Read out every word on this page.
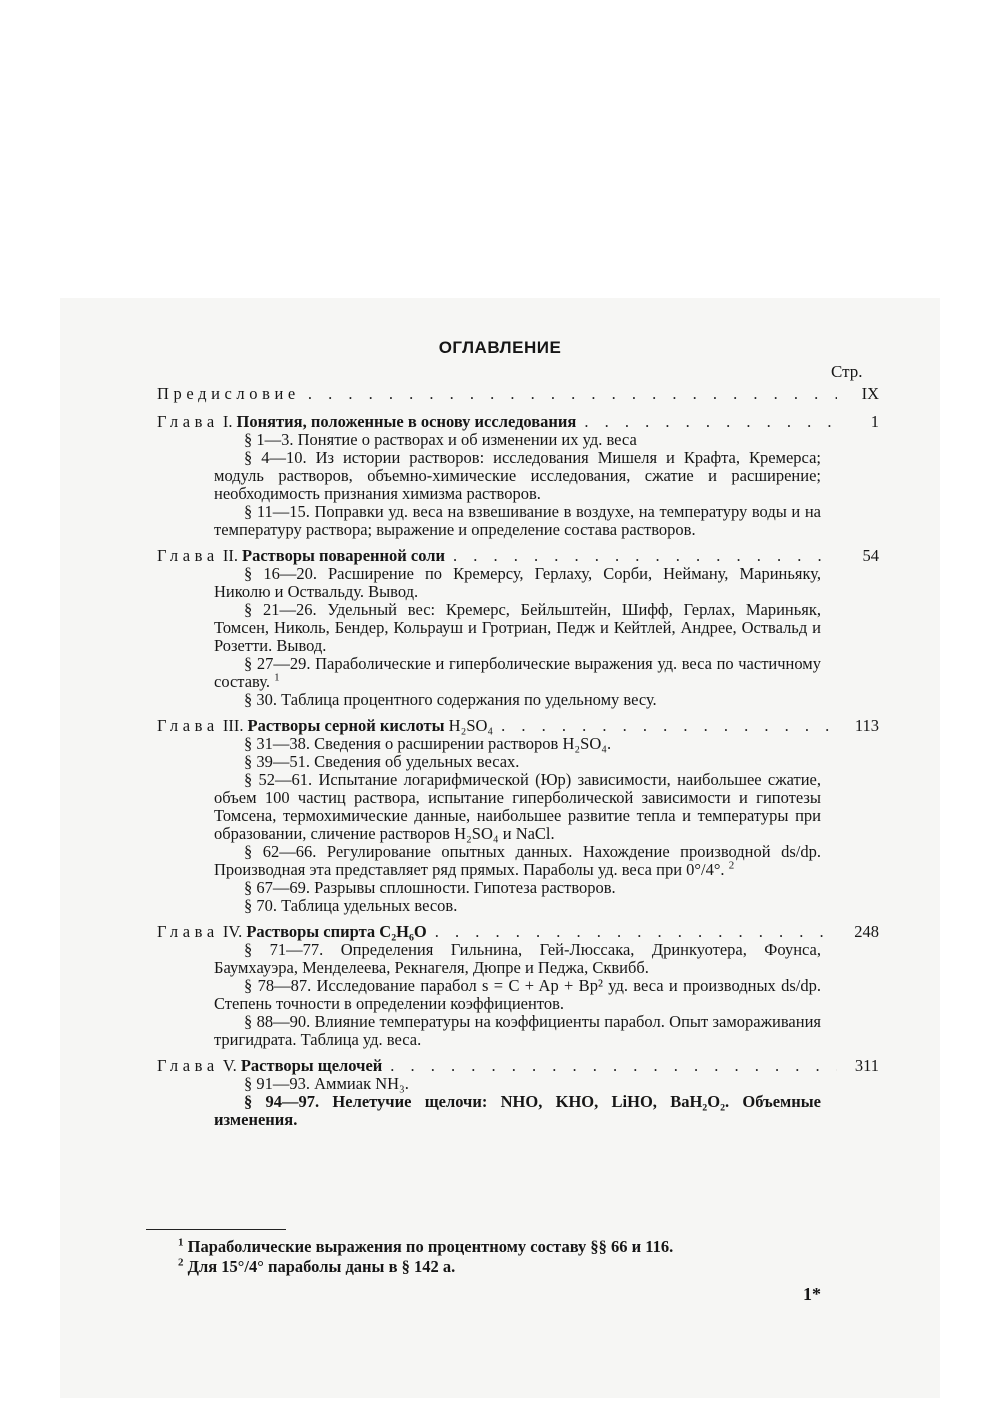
ОГЛАВЛЕНИЕ
Стр.
Предисловие . . .	IX
Глава I. Понятия, положенные в основу исследования . . .	1

§ 1—3. Понятие о растворах и об изменении их уд. веса

§ 4—10. Из истории растворов: исследования Мишеля и Крафта, Кремерса; модуль растворов, объемно-химические исследования, сжатие и расширение; необходимость признания химизма растворов.

§ 11—15. Поправки уд. веса на взвешивание в воздухе, на температуру воды и на температуру раствора; выражение и определение состава растворов.

Глава II. Растворы поваренной соли . . .	54

§ 16—20. Расширение по Кремерсу, Герлаху, Сорби, Нейману, Мариньяку, Николю и Оствальду. Вывод.

§ 21—26. Удельный вес: Кремерс, Бейльштейн, Шифф, Герлах, Мариньяк, Томсен, Николь, Бендер, Кольрауш и Гротриан, Педж и Кейтлей, Андрее, Оствальд и Розетти. Вывод.

§ 27—29. Параболические и гиперболические выражения уд. веса по частичному составу. $^1$

§ 30. Таблица процентного содержания по удельному весу.

Глава III. Растворы серной кислоты H₂SO₄ . . .	113

§ 31—38. Сведения о расширении растворов H₂SO₄.

§ 39—51. Сведения об удельных весах.

§ 52—61. Испытание логарифмической (Юр) зависимости, наибольшее сжатие, объем 100 частиц раствора, испытание гиперболической зависимости и гипотезы Томсена, термохимические данные, наибольшее развитие тепла и температуры при образовании, сличение растворов H₂SO₄ и NaCl.

§ 62—66. Регулирование опытных данных. Нахождение производной ds/dp. Производная эта представляет ряд прямых. Параболы уд. веса при 0°/4°. $^2$

§ 67—69. Разрывы сплошности. Гипотеза растворов.

§ 70. Таблица удельных весов.

Глава IV. Растворы спирта C₂H₆O . . .	248

§ 71—77. Определения Гильнина, Гей-Люссака, Дринкуотера, Фоунса, Баумхауэра, Менделеева, Рекнагеля, Дюпре и Педжа, Сквибб.

§ 78—87. Исследование парабол s = C + Ap + Bp² уд. веса и производных ds/dp. Степень точности в определении коэффициентов.

§ 88—90. Влияние температуры на коэффициенты парабол. Опыт замораживания тригидрата. Таблица уд. веса.

Глава V. Растворы щелочей . . .	311

§ 91—93. Аммиак NH₃.

§ 94—97. Нелетучие щелочи: NHO, KHO, LiHO, BaH₂O₂. Объемные изменения.

$^1$ Параболические выражения по процентному составу §§ 66 и 116.
$^2$ Для 15°/4° параболы даны в § 142 а.
1*
